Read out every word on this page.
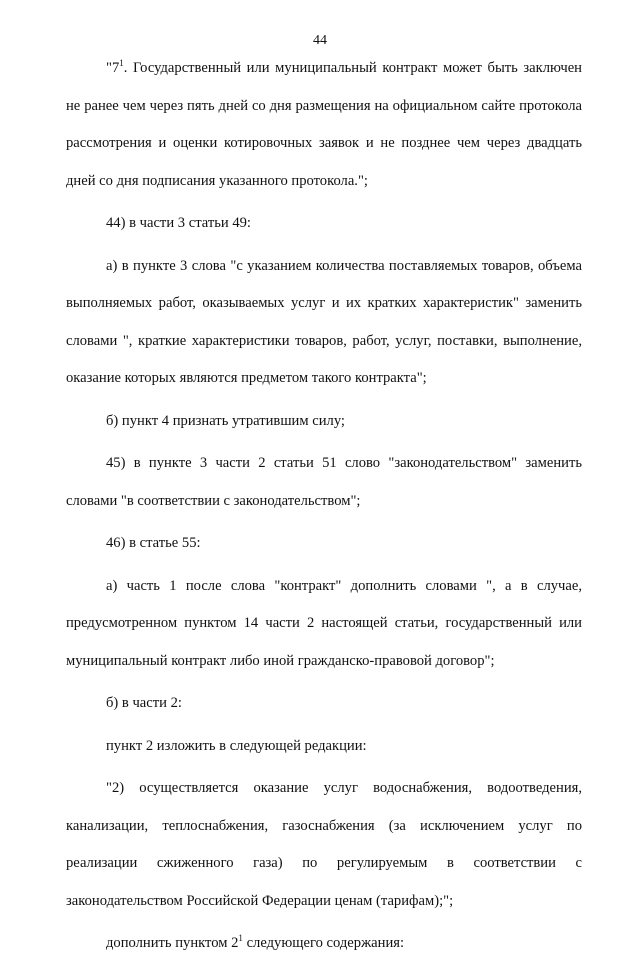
44

"$7^1$. Государственный или муниципальный контракт может быть заключен не ранее чем через пять дней со дня размещения на официальном сайте протокола рассмотрения и оценки котировочных заявок и не позднее чем через двадцать дней со дня подписания указанного протокола.";

44) в части 3 статьи 49:

а) в пункте 3 слова "с указанием количества поставляемых товаров, объема выполняемых работ, оказываемых услуг и их кратких характеристик" заменить словами ", краткие характеристики товаров, работ, услуг, поставки, выполнение, оказание которых являются предметом такого контракта";

б) пункт 4 признать утратившим силу;

45) в пункте 3 части 2 статьи 51 слово "законодательством" заменить словами "в соответствии с законодательством";

46) в статье 55:

а) часть 1 после слова "контракт" дополнить словами ", а в случае, предусмотренном пунктом 14 части 2 настоящей статьи, государственный или муниципальный контракт либо иной гражданско-правовой договор";

б) в части 2:

пункт 2 изложить в следующей редакции:

"2) осуществляется оказание услуг водоснабжения, водоотведения, канализации, теплоснабжения, газоснабжения (за исключением услуг по реализации сжиженного газа) по регулируемым в соответствии с законодательством Российской Федерации ценам (тарифам);";

дополнить пунктом $2^1$ следующего содержания:
